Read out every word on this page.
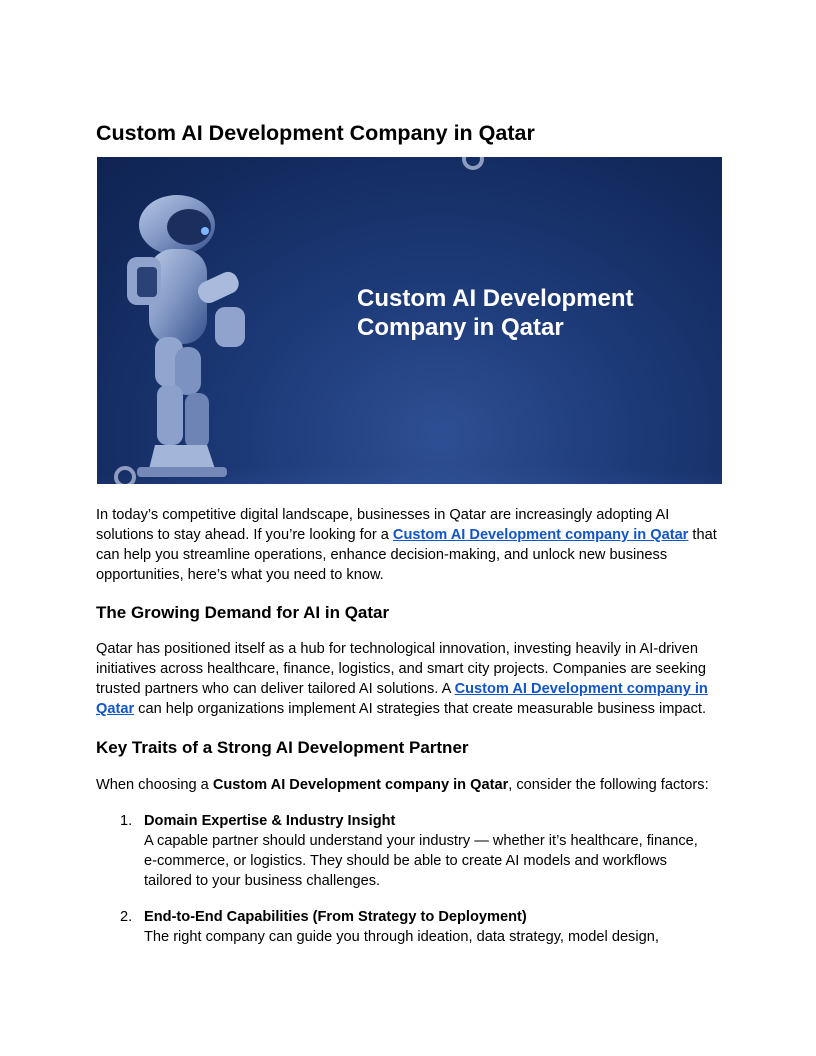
Custom AI Development Company in Qatar
Custom AI Development
Company in Qatar

In today’s competitive digital landscape, businesses in Qatar are increasingly adopting AI solutions to stay ahead. If you’re looking for a Custom AI Development company in Qatar that can help you streamline operations, enhance decision-making, and unlock new business opportunities, here’s what you need to know.

The Growing Demand for AI in Qatar

Qatar has positioned itself as a hub for technological innovation, investing heavily in AI-driven initiatives across healthcare, finance, logistics, and smart city projects. Companies are seeking trusted partners who can deliver tailored AI solutions. A Custom AI Development company in Qatar can help organizations implement AI strategies that create measurable business impact.

Key Traits of a Strong AI Development Partner

When choosing a Custom AI Development company in Qatar, consider the following factors:

1. Domain Expertise & Industry Insight
A capable partner should understand your industry — whether it’s healthcare, finance, e-commerce, or logistics. They should be able to create AI models and workflows tailored to your business challenges.
2. End-to-End Capabilities (From Strategy to Deployment)
The right company can guide you through ideation, data strategy, model design,
